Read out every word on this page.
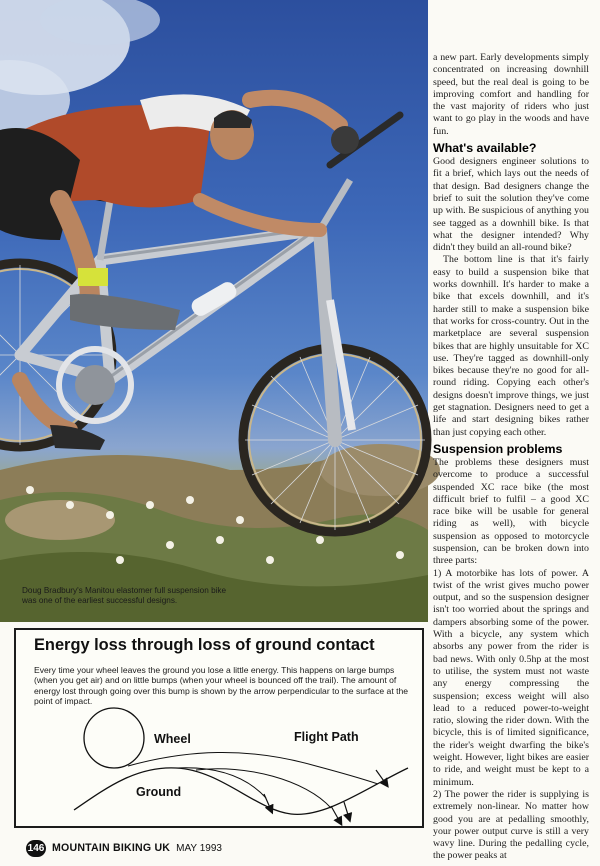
Doug Bradbury's Manitou elastomer full suspension bike was one of the earliest successful designs.

a new part. Early developments simply concentrated on increasing downhill speed, but the real deal is going to be improving comfort and handling for the vast majority of riders who just want to go play in the woods and have fun.

What's available?

Good designers engineer solutions to fit a brief, which lays out the needs of that design. Bad designers change the brief to suit the solution they've come up with. Be suspicious of anything you see tagged as a downhill bike. Is that what the designer intended? Why didn't they build an all-round bike?

The bottom line is that it's fairly easy to build a suspension bike that works downhill. It's harder to make a bike that excels downhill, and it's harder still to make a suspension bike that works for cross-country. Out in the marketplace are several suspension bikes that are highly unsuitable for XC use. They're tagged as downhill-only bikes because they're no good for all-round riding. Copying each other's designs doesn't improve things, we just get stagnation. Designers need to get a life and start designing bikes rather than just copying each other.

Suspension problems

The problems these designers must overcome to produce a successful suspended XC race bike (the most difficult brief to fulfil – a good XC race bike will be usable for general riding as well), with bicycle suspension as opposed to motorcycle suspension, can be broken down into three parts:

1) A motorbike has lots of power. A twist of the wrist gives mucho power output, and so the suspension designer isn't too worried about the springs and dampers absorbing some of the power. With a bicycle, any system which absorbs any power from the rider is bad news. With only 0.5hp at the most to utilise, the system must not waste any energy compressing the suspension; excess weight will also lead to a reduced power-to-weight ratio, slowing the rider down. With the bicycle, this is of limited significance, the rider's weight dwarfing the bike's weight. However, light bikes are easier to ride, and weight must be kept to a minimum.

2) The power the rider is supplying is extremely non-linear. No matter how good you are at pedalling smoothly, your power output curve is still a very wavy line. During the pedalling cycle, the power peaks at

Energy loss through loss of ground contact

Every time your wheel leaves the ground you lose a little energy. This happens on large bumps (when you get air) and on little bumps (when your wheel is bounced off the trail). The amount of energy lost through going over this bump is shown by the arrow perpendicular to the surface at the point of impact.

Wheel	Flight Path
Ground
146 MOUNTAIN BIKING UK MAY 1993
